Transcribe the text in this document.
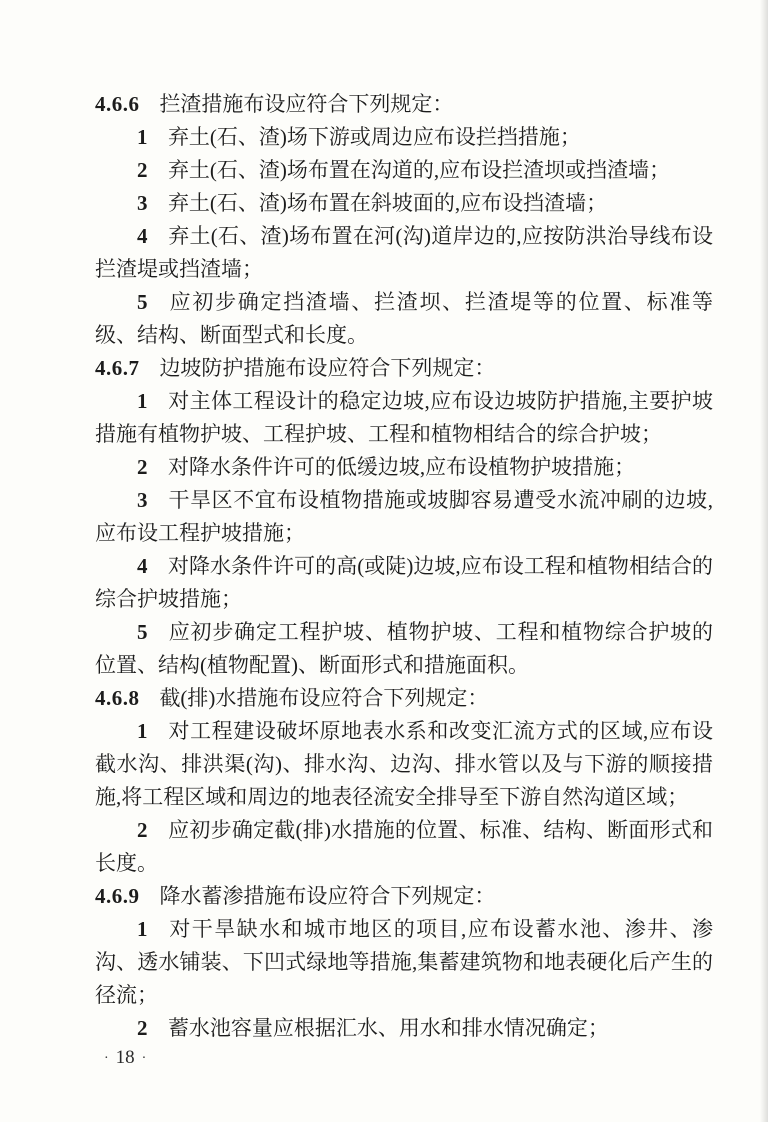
4.6.6 拦渣措施布设应符合下列规定：

1 弃土(石、渣)场下游或周边应布设拦挡措施；

2 弃土(石、渣)场布置在沟道的,应布设拦渣坝或挡渣墙；

3 弃土(石、渣)场布置在斜坡面的,应布设挡渣墙；

4 弃土(石、渣)场布置在河(沟)道岸边的,应按防洪治导线布设拦渣堤或挡渣墙；

5 应初步确定挡渣墙、拦渣坝、拦渣堤等的位置、标准等级、结构、断面型式和长度。

4.6.7 边坡防护措施布设应符合下列规定：

1 对主体工程设计的稳定边坡,应布设边坡防护措施,主要护坡措施有植物护坡、工程护坡、工程和植物相结合的综合护坡；

2 对降水条件许可的低缓边坡,应布设植物护坡措施；

3 干旱区不宜布设植物措施或坡脚容易遭受水流冲刷的边坡,应布设工程护坡措施；

4 对降水条件许可的高(或陡)边坡,应布设工程和植物相结合的综合护坡措施；

5 应初步确定工程护坡、植物护坡、工程和植物综合护坡的位置、结构(植物配置)、断面形式和措施面积。

4.6.8 截(排)水措施布设应符合下列规定：

1 对工程建设破坏原地表水系和改变汇流方式的区域,应布设截水沟、排洪渠(沟)、排水沟、边沟、排水管以及与下游的顺接措施,将工程区域和周边的地表径流安全排导至下游自然沟道区域；

2 应初步确定截(排)水措施的位置、标准、结构、断面形式和长度。

4.6.9 降水蓄渗措施布设应符合下列规定：

1 对干旱缺水和城市地区的项目,应布设蓄水池、渗井、渗沟、透水铺装、下凹式绿地等措施,集蓄建筑物和地表硬化后产生的径流；

2 蓄水池容量应根据汇水、用水和排水情况确定；

· 18 ·
